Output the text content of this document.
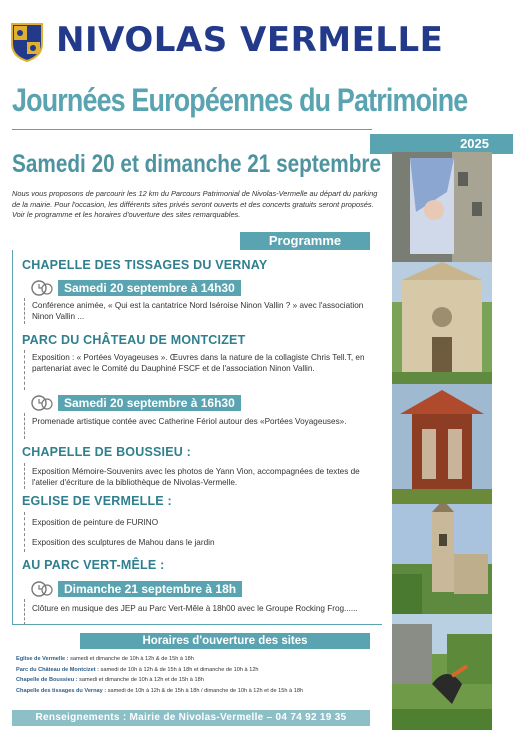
NIVOLAS VERMELLE
Journées Européennes du Patrimoine
2025
Samedi 20 et dimanche 21 septembre
Nous vous proposons de parcourir les 12 km du Parcours Patrimonial de Nivolas-Vermelle au départ du parking de la mairie. Pour l'occasion, les différents sites privés seront ouverts et des concerts gratuits seront proposés. Voir le programme et les horaires d'ouverture des sites remarquables.
Programme
CHAPELLE DES TISSAGES DU VERNAY
Samedi 20 septembre à 14h30
Conférence animée, « Qui est la cantatrice Nord Iséroise Ninon Vallin ? » avec l'association Ninon Vallin ...
PARC DU CHÂTEAU DE MONTCIZET
Exposition : « Portées Voyageuses ». Œuvres dans la nature de la collagiste Chris Tell.T, en partenariat avec le Comité du Dauphiné FSCF et de l'association Ninon Vallin.
Samedi 20 septembre à 16h30
Promenade artistique contée avec Catherine Fériol autour des «Portées Voyageuses».
CHAPELLE DE BOUSSIEU :
Exposition Mémoire-Souvenirs avec les photos de Yann Vion, accompagnées de textes de l'atelier d'écriture de la bibliothèque de Nivolas-Vermelle.
EGLISE DE VERMELLE :
Exposition de peinture de FURINO
Exposition des sculptures de Mahou dans le jardin
AU PARC VERT-MÊLE :
Dimanche 21 septembre à 18h
Clôture en musique des JEP au Parc Vert-Mêle à 18h00 avec le Groupe Rocking Frog......
Horaires d'ouverture des sites
Eglise de Vermelle : samedi et dimanche de 10h à 12h & de 15h à 18h
Parc du Château de Montcizet : samedi de 10h à 12h & de 15h à 18h et dimanche de 10h à 12h
Chapelle de Boussieu : samedi et dimanche de 10h à 12h et de 15h à 18h
Chapelle des tissages du Vernay : samedi de 10h à 12h & de 15h à 18h / dimanche de 10h à 12h et de 15h à 18h
Renseignements : Mairie de Nivolas-Vermelle – 04 74 92 19 35
